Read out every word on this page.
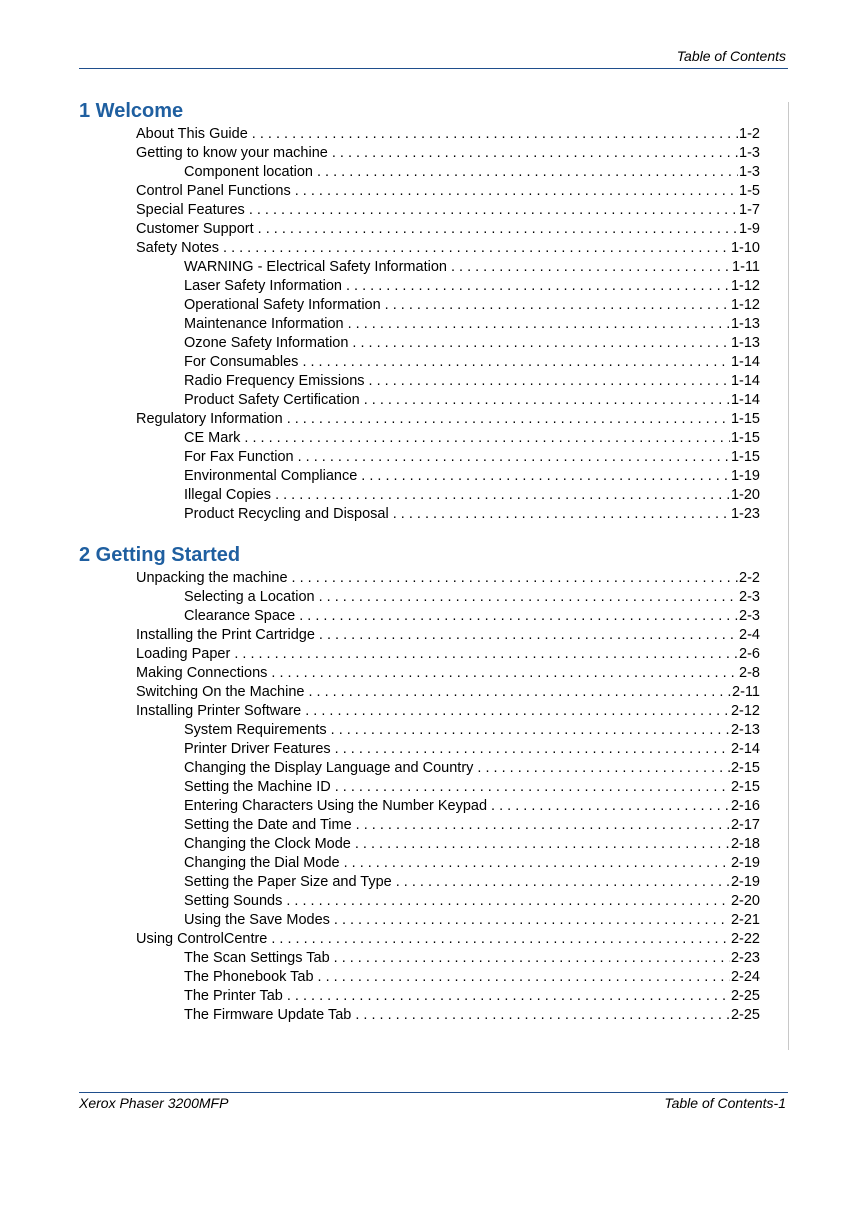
Table of Contents
1 Welcome
About This Guide . . .	1-2
Getting to know your machine . . .	1-3
Component location . . .	1-3
Control Panel Functions . . .	1-5
Special Features . . .	1-7
Customer Support . . .	1-9
Safety Notes . . .	1-10
WARNING - Electrical Safety Information . . .	1-11
Laser Safety Information . . .	1-12
Operational Safety Information . . .	1-12
Maintenance Information . . .	1-13
Ozone Safety Information . . .	1-13
For Consumables . . .	1-14
Radio Frequency Emissions . . .	1-14
Product Safety Certification . . .	1-14
Regulatory Information . . .	1-15
CE Mark . . .	1-15
For Fax Function . . .	1-15
Environmental Compliance . . .	1-19
Illegal Copies . . .	1-20
Product Recycling and Disposal . . .	1-23
2 Getting Started
Unpacking the machine . . .	2-2
Selecting a Location . . .	2-3
Clearance Space . . .	2-3
Installing the Print Cartridge . . .	2-4
Loading Paper . . .	2-6
Making Connections . . .	2-8
Switching On the Machine . . .	2-11
Installing Printer Software . . .	2-12
System Requirements . . .	2-13
Printer Driver Features . . .	2-14
Changing the Display Language and Country . . .	2-15
Setting the Machine ID . . .	2-15
Entering Characters Using the Number Keypad . . .	2-16
Setting the Date and Time . . .	2-17
Changing the Clock Mode . . .	2-18
Changing the Dial Mode . . .	2-19
Setting the Paper Size and Type . . .	2-19
Setting Sounds . . .	2-20
Using the Save Modes . . .	2-21
Using ControlCentre . . .	2-22
The Scan Settings Tab . . .	2-23
The Phonebook Tab . . .	2-24
The Printer Tab . . .	2-25
The Firmware Update Tab . . .	2-25
Xerox Phaser 3200MFP	Table of Contents-1
